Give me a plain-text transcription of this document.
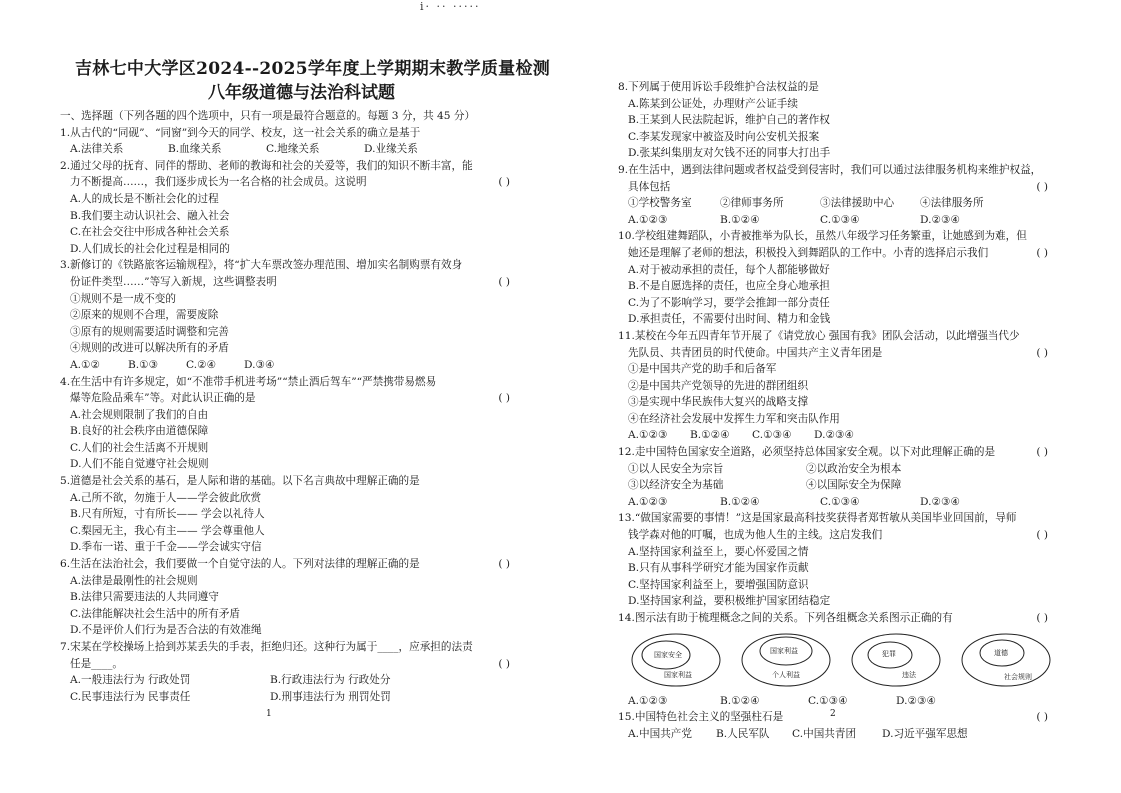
i· ·· ·····
吉林七中大学区2024--2025学年度上学期期末教学质量检测
八年级道德与法治科试题
一、选择题（下列各题的四个选项中，只有一项是最符合题意的。每题 3 分，共 45 分）
1.从古代的“同砚”、“同窗”到今天的同学、校友，这一社会关系的确立是基于
A.法律关系	B.血缘关系	C.地缘关系	D.业缘关系
2.通过父母的抚育、同伴的帮助、老师的教诲和社会的关爱等，我们的知识不断丰富，能
力不断提高……，我们逐步成长为一名合格的社会成员。这说明	( )
A.人的成长是不断社会化的过程
B.我们要主动认识社会、融入社会
C.在社会交往中形成各种社会关系
D.人们成长的社会化过程是相同的
3.新修订的《铁路旅客运输规程》，将“扩大车票改签办理范围、增加实名制购票有效身
份证件类型……”等写入新规，这些调整表明	( )
①规则不是一成不变的
②原来的规则不合理，需要废除
③原有的规则需要适时调整和完善
④规则的改进可以解决所有的矛盾
A.①②	B.①③	C.②④	D.③④
4.在生活中有许多规定，如“不准带手机进考场”“禁止酒后驾车”“严禁携带易燃易
爆等危险品乘车”等。对此认识正确的是	( )
A.社会规则限制了我们的自由
B.良好的社会秩序由道德保障
C.人们的社会生活离不开规则
D.人们不能自觉遵守社会规则
5.道德是社会关系的基石，是人际和谐的基础。以下名言典故中理解正确的是
A.己所不欲，勿施于人——学会彼此欣赏
B.尺有所短，寸有所长—— 学会以礼待人
C.梨园无主，我心有主—— 学会尊重他人
D.季布一诺、重于千金——学会诚实守信
6.生活在法治社会，我们要做一个自觉守法的人。下列对法律的理解正确的是	( )
A.法律是最刚性的社会规则
B.法律只需要违法的人共同遵守
C.法律能解决社会生活中的所有矛盾
D.不是评价人们行为是否合法的有效准绳
7.宋某在学校操场上拾到苏某丢失的手表，拒绝归还。这种行为属于____，应承担的法责
任是____。	( )
A.一般违法行为 行政处罚	B.行政违法行为 行政处分
C.民事违法行为 民事责任	D.刑事违法行为 刑罚处罚
1
8.下列属于使用诉讼手段维护合法权益的是
A.陈某到公证处，办理财产公证手续
B.王某到人民法院起诉，维护自己的著作权
C.李某发现家中被盗及时向公安机关报案
D.张某纠集朋友对欠钱不还的同事大打出手
9.在生活中，遇到法律问题或者权益受到侵害时，我们可以通过法律服务机构来维护权益，
具体包括	( )
①学校警务室	②律师事务所	③法律援助中心	④法律服务所
A.①②③	B.①②④	C.①③④	D.②③④
10.学校组建舞蹈队，小青被推举为队长，虽然八年级学习任务繁重，让她感到为难，但
她还是理解了老师的想法，积极投入到舞蹈队的工作中。小青的选择启示我们	( )
A.对于被动承担的责任，每个人都能够做好
B.不是自愿选择的责任，也应全身心地承担
C.为了不影响学习，要学会推卸一部分责任
D.承担责任，不需要付出时间、精力和金钱
11.某校在今年五四青年节开展了《请党放心 强国有我》团队会活动，以此增强当代少
先队员、共青团员的时代使命。中国共产主义青年团是	( )
①是中国共产党的助手和后备军
②是中国共产党领导的先进的群团组织
③是实现中华民族伟大复兴的战略支撑
④在经济社会发展中发挥生力军和突击队作用
A.①②③	B.①②④	C.①③④	D.②③④
12.走中国特色国家安全道路，必须坚持总体国家安全观。以下对此理解正确的是	( )
①以人民安全为宗旨	②以政治安全为根本
③以经济安全为基础	④以国际安全为保障
A.①②③	B.①②④	C.①③④	D.②③④
13.“做国家需要的事情！”这是国家最高科技奖获得者郑哲敏从美国毕业回国前，导师
钱学森对他的叮嘱，也成为他人生的主线。这启发我们	( )
A.坚持国家利益至上，要心怀爱国之情
B.只有从事科学研究才能为国家作贡献
C.坚持国家利益至上，要增强国防意识
D.坚持国家利益，要积极维护国家团结稳定
14.图示法有助于梳理概念之间的关系。下列各组概念关系图示正确的有	( )
国家安全
国家利益
国家利益
个人利益
犯罪
违法
道德
社会规则
A.①②③	B.①②④	C.①③④	D.②③④
15.中国特色社会主义的坚强柱石是	( )
A.中国共产党	B.人民军队	C.中国共青团	D.习近平强军思想
2
